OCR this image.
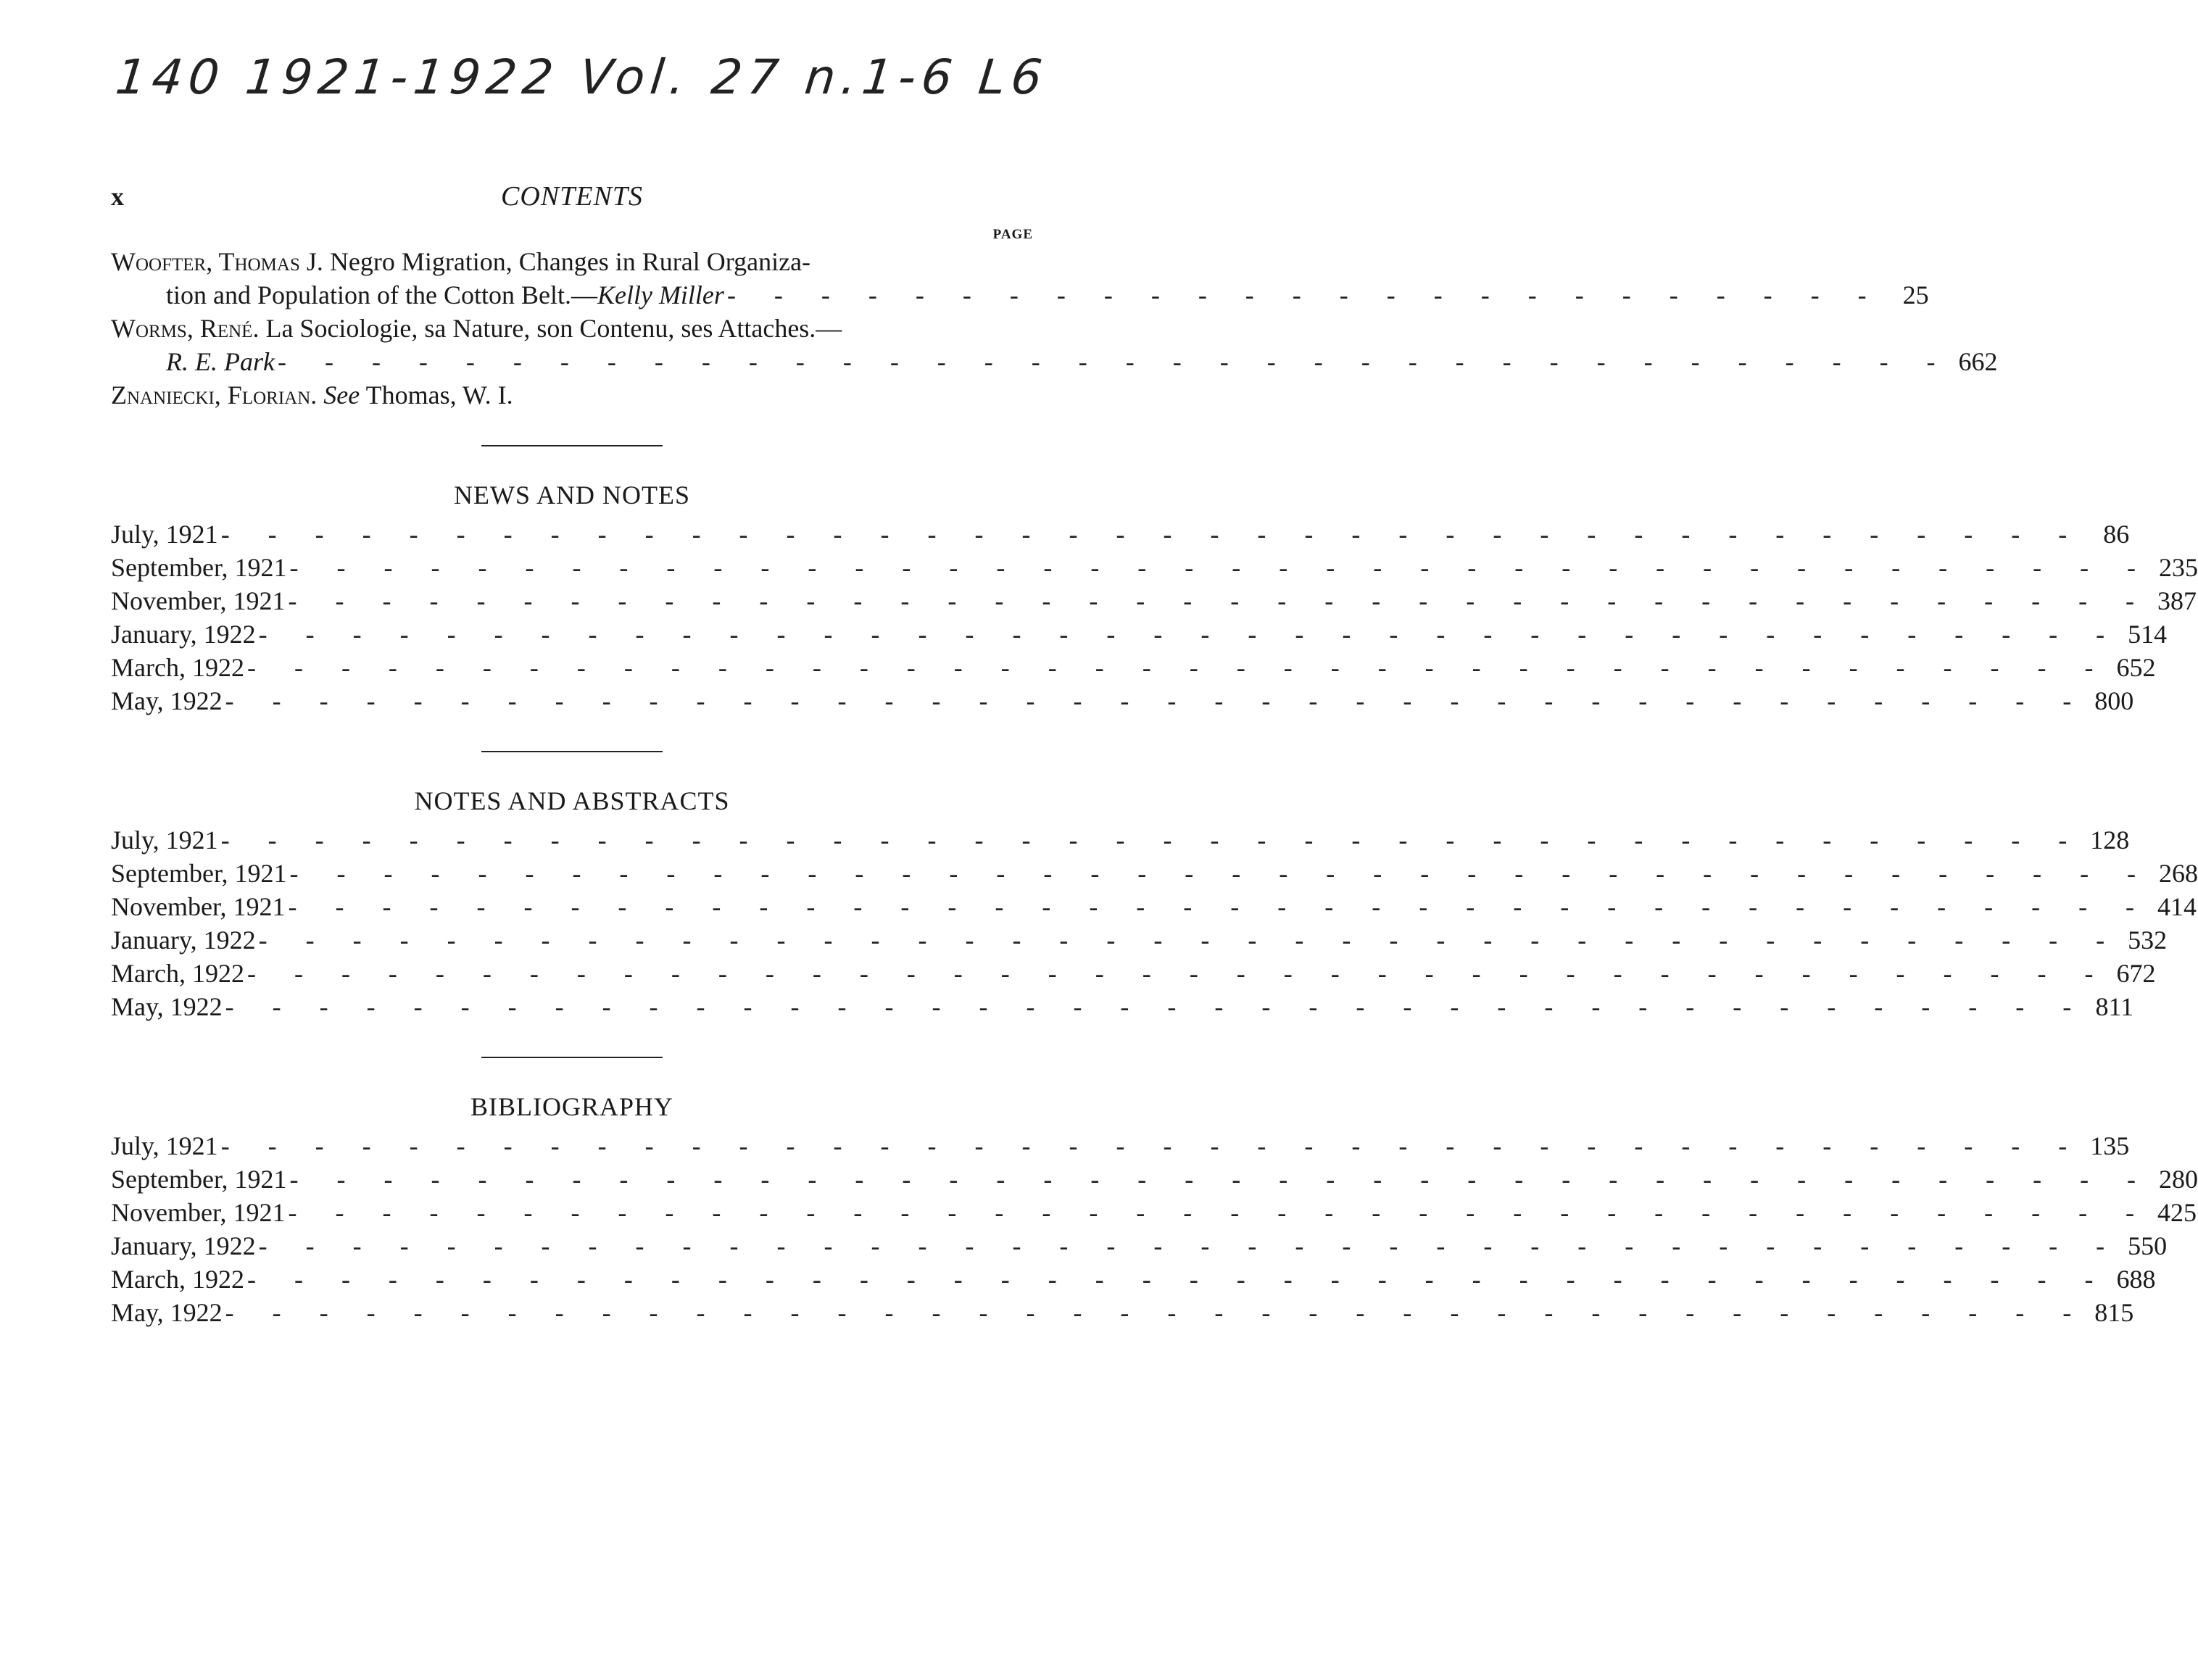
140 1921-1922 Vol. 27 n.1-6 L6
x	CONTENTS
PAGE
Woofter, Thomas J. Negro Migration, Changes in Rural Organiza-
tion and Population of the Cotton Belt.—Kelly Miller - - - - - - - - - - - - - - - - - - - - - - - - - 25
Worms, René. La Sociologie, sa Nature, son Contenu, ses Attaches.—
R. E. Park - - - - - - - - - - - - - - - - - - - - - - - - - - - - - - - - - - - - 662
Znaniecki, Florian. See Thomas, W. I.
NEWS AND NOTES
July, 1921 - - - - - - - - - - - - - - - - - - - - - - - - - - - - - - - - - - - - - - - - 86
September, 1921 - - - - - - - - - - - - - - - - - - - - - - - - - - - - - - - - - - - - - - - - 235
November, 1921 - - - - - - - - - - - - - - - - - - - - - - - - - - - - - - - - - - - - - - - - 387
January, 1922 - - - - - - - - - - - - - - - - - - - - - - - - - - - - - - - - - - - - - - - - 514
March, 1922 - - - - - - - - - - - - - - - - - - - - - - - - - - - - - - - - - - - - - - - - 652
May, 1922 - - - - - - - - - - - - - - - - - - - - - - - - - - - - - - - - - - - - - - - - 800
NOTES AND ABSTRACTS
July, 1921 - - - - - - - - - - - - - - - - - - - - - - - - - - - - - - - - - - - - - - - - 128
September, 1921 - - - - - - - - - - - - - - - - - - - - - - - - - - - - - - - - - - - - - - - - 268
November, 1921 - - - - - - - - - - - - - - - - - - - - - - - - - - - - - - - - - - - - - - - - 414
January, 1922 - - - - - - - - - - - - - - - - - - - - - - - - - - - - - - - - - - - - - - - - 532
March, 1922 - - - - - - - - - - - - - - - - - - - - - - - - - - - - - - - - - - - - - - - - 672
May, 1922 - - - - - - - - - - - - - - - - - - - - - - - - - - - - - - - - - - - - - - - - 811
BIBLIOGRAPHY
July, 1921 - - - - - - - - - - - - - - - - - - - - - - - - - - - - - - - - - - - - - - - - 135
September, 1921 - - - - - - - - - - - - - - - - - - - - - - - - - - - - - - - - - - - - - - - - 280
November, 1921 - - - - - - - - - - - - - - - - - - - - - - - - - - - - - - - - - - - - - - - - 425
January, 1922 - - - - - - - - - - - - - - - - - - - - - - - - - - - - - - - - - - - - - - - - 550
March, 1922 - - - - - - - - - - - - - - - - - - - - - - - - - - - - - - - - - - - - - - - - 688
May, 1922 - - - - - - - - - - - - - - - - - - - - - - - - - - - - - - - - - - - - - - - - 815
